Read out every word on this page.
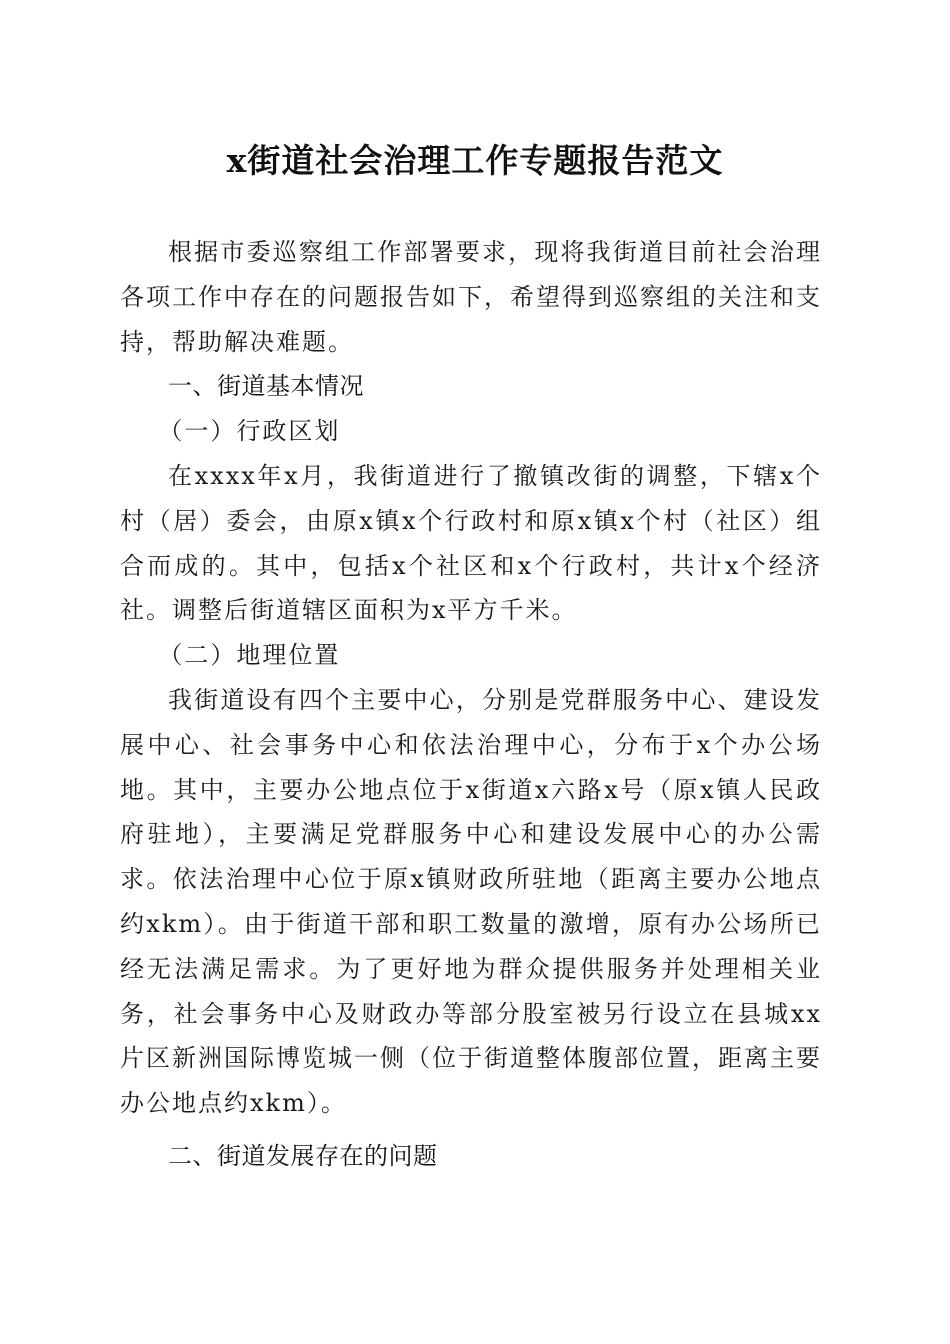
x街道社会治理工作专题报告范文

根据市委巡察组工作部署要求，现将我街道目前社会治理各项工作中存在的问题报告如下，希望得到巡察组的关注和支持，帮助解决难题。

一、街道基本情况

（一）行政区划

在xxxx年x月，我街道进行了撤镇改街的调整，下辖x个村（居）委会，由原x镇x个行政村和原x镇x个村（社区）组合而成的。其中，包括x个社区和x个行政村，共计x个经济社。调整后街道辖区面积为x平方千米。

（二）地理位置

我街道设有四个主要中心，分别是党群服务中心、建设发展中心、社会事务中心和依法治理中心，分布于x个办公场地。其中，主要办公地点位于x街道x六路x号（原x镇人民政府驻地），主要满足党群服务中心和建设发展中心的办公需求。依法治理中心位于原x镇财政所驻地（距离主要办公地点约xkm）。由于街道干部和职工数量的激增，原有办公场所已经无法满足需求。为了更好地为群众提供服务并处理相关业务，社会事务中心及财政办等部分股室被另行设立在县城xx片区新洲国际博览城一侧（位于街道整体腹部位置，距离主要办公地点约xkm）。

二、街道发展存在的问题
